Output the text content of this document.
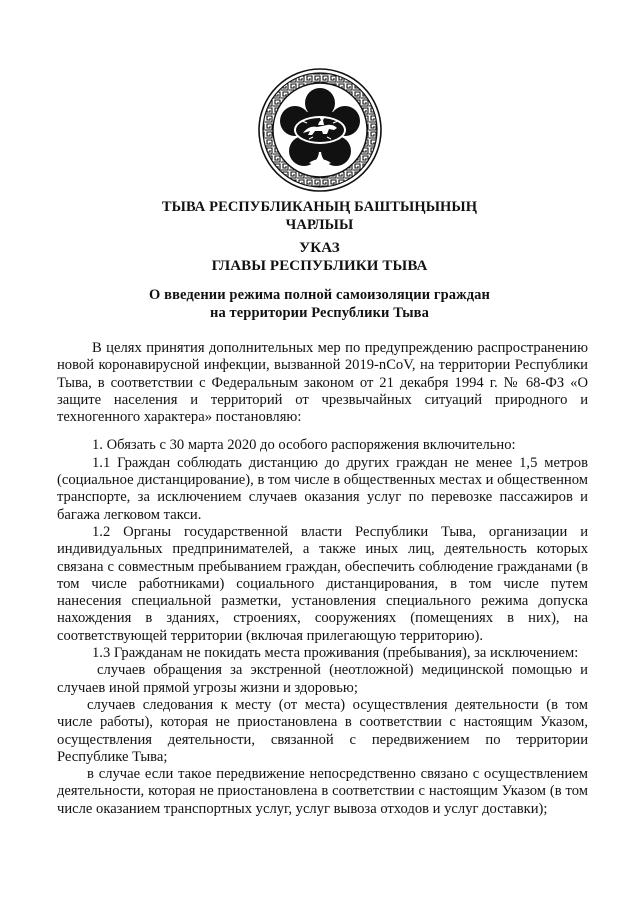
ТЫВА РЕСПУБЛИКАНЫҢ БАШТЫҢЫНЫҢ
ЧАРЛЫЫ
УКАЗ
ГЛАВЫ РЕСПУБЛИКИ ТЫВА
О введении режима полной самоизоляции граждан
на территории Республики Тыва

В целях принятия дополнительных мер по предупреждению распространению новой коронавирусной инфекции, вызванной 2019-nCoV, на территории Республики Тыва, в соответствии с Федеральным законом от 21 декабря 1994 г. № 68-ФЗ «О защите населения и территорий от чрезвычайных ситуаций природного и техногенного характера» постановляю:

1. Обязать с 30 марта 2020 до особого распоряжения включительно:

1.1 Граждан соблюдать дистанцию до других граждан не менее 1,5 метров (социальное дистанцирование), в том числе в общественных местах и общественном транспорте, за исключением случаев оказания услуг по перевозке пассажиров и багажа легковом такси.

1.2 Органы государственной власти Республики Тыва, организации и индивидуальных предпринимателей, а также иных лиц, деятельность которых связана с совместным пребыванием граждан, обеспечить соблюдение гражданами (в том числе работниками) социального дистанцирования, в том числе путем нанесения специальной разметки, установления специального режима допуска нахождения в зданиях, строениях, сооружениях (помещениях в них), на соответствующей территории (включая прилегающую территорию).

1.3 Гражданам не покидать места проживания (пребывания), за исключением:

случаев обращения за экстренной (неотложной) медицинской помощью и случаев иной прямой угрозы жизни и здоровью;

случаев следования к месту (от места) осуществления деятельности (в том числе работы), которая не приостановлена в соответствии с настоящим Указом, осуществления деятельности, связанной с передвижением по территории Республике Тыва;

в случае если такое передвижение непосредственно связано с осуществлением деятельности, которая не приостановлена в соответствии с настоящим Указом (в том числе оказанием транспортных услуг, услуг вывоза отходов и услуг доставки);
